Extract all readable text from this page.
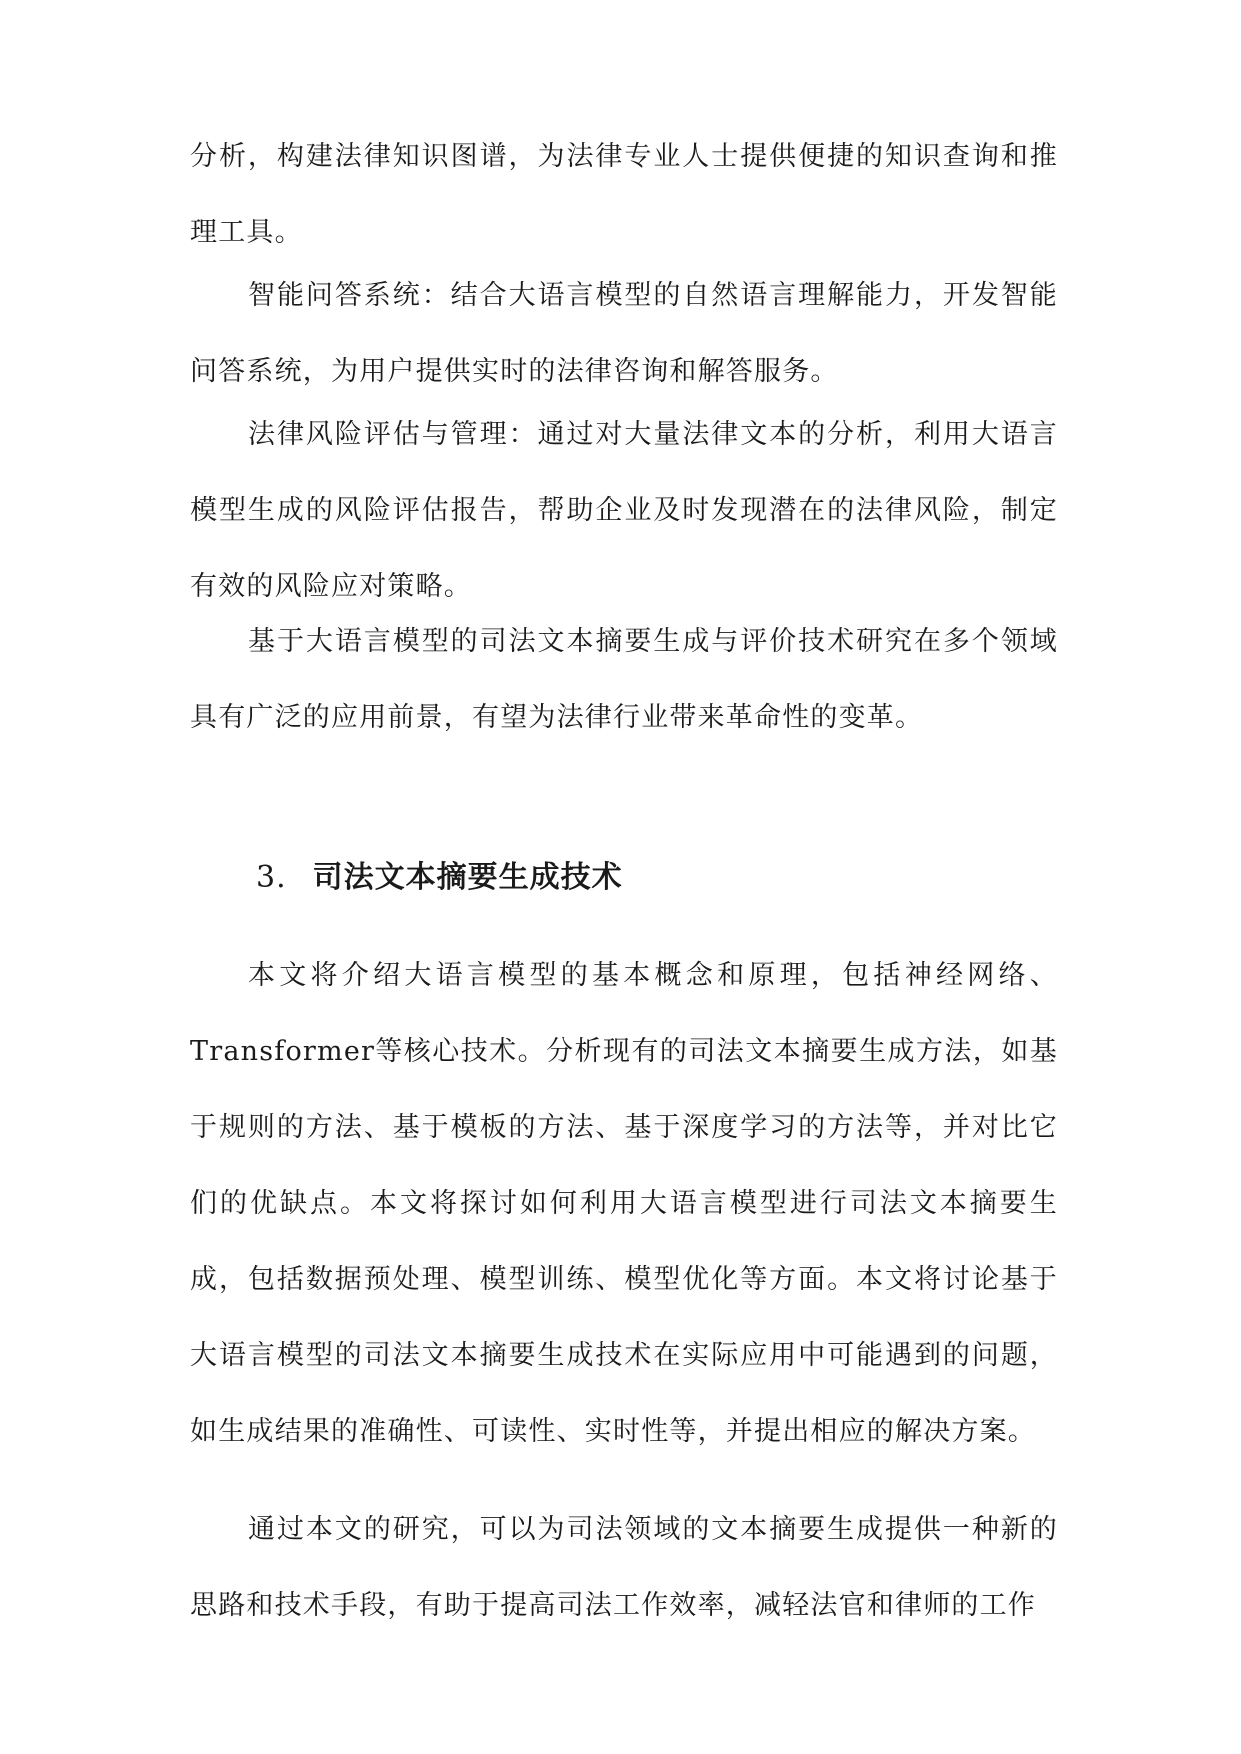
分析，构建法律知识图谱，为法律专业人士提供便捷的知识查询和推理工具。

智能问答系统：结合大语言模型的自然语言理解能力，开发智能问答系统，为用户提供实时的法律咨询和解答服务。

法律风险评估与管理：通过对大量法律文本的分析，利用大语言模型生成的风险评估报告，帮助企业及时发现潜在的法律风险，制定有效的风险应对策略。

基于大语言模型的司法文本摘要生成与评价技术研究在多个领域具有广泛的应用前景，有望为法律行业带来革命性的变革。

3. 司法文本摘要生成技术

本文将介绍大语言模型的基本概念和原理，包括神经网络、Transformer等核心技术。分析现有的司法文本摘要生成方法，如基于规则的方法、基于模板的方法、基于深度学习的方法等，并对比它们的优缺点。本文将探讨如何利用大语言模型进行司法文本摘要生成，包括数据预处理、模型训练、模型优化等方面。本文将讨论基于大语言模型的司法文本摘要生成技术在实际应用中可能遇到的问题，如生成结果的准确性、可读性、实时性等，并提出相应的解决方案。

通过本文的研究，可以为司法领域的文本摘要生成提供一种新的思路和技术手段，有助于提高司法工作效率，减轻法官和律师的工作
